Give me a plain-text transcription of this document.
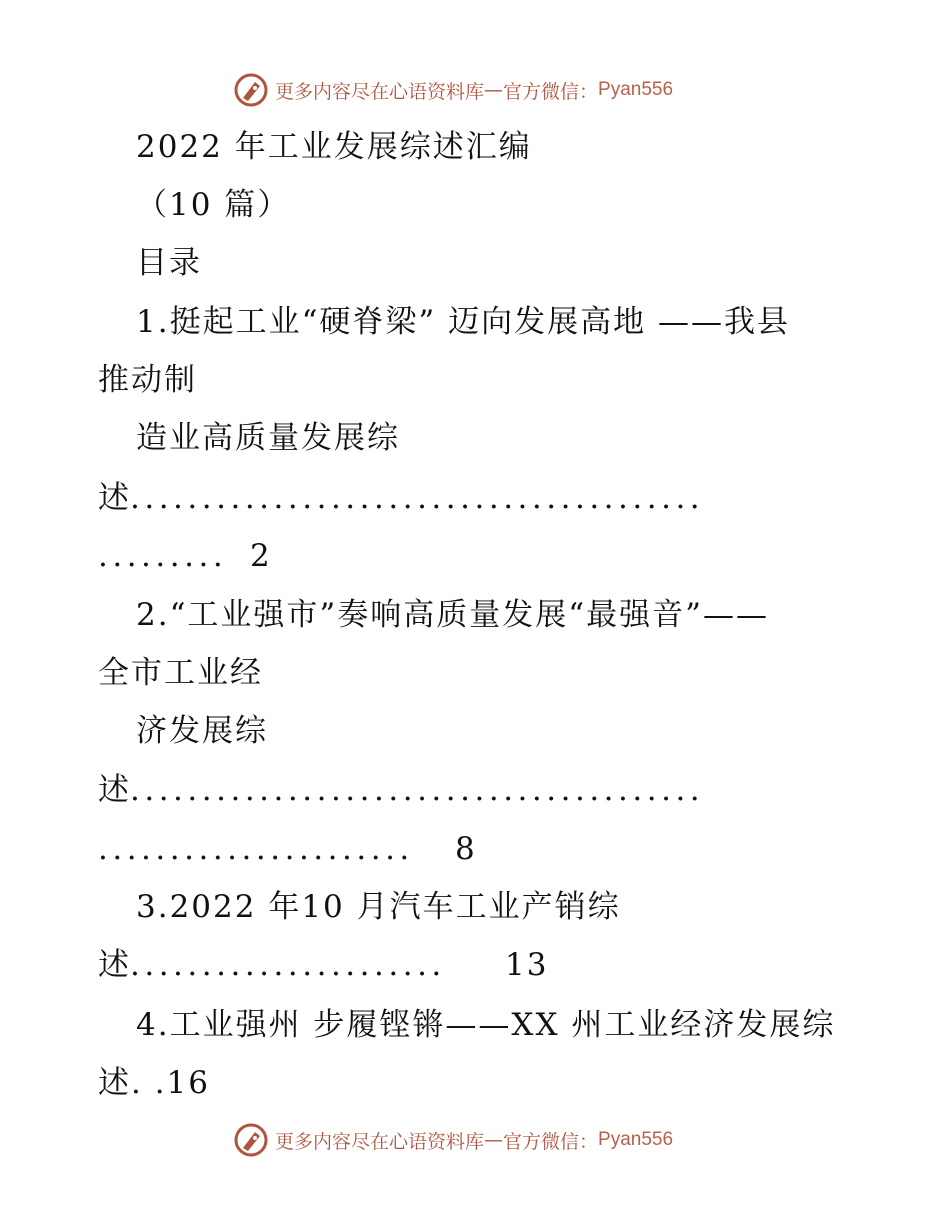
更多内容尽在心语资料库 — 官方微信： Pyan556
2022 年工业发展综述汇编
（10 篇）
目录
1.挺起工业“硬脊梁” 迈向发展高地 ——我县
推动制
造业高质量发展综
述 ........................................
......... 2
2.“工业强市”奏响高质量发展“最强音”——
全市工业经
济发展综
述 ........................................
...................... 8
3.2022 年10 月汽车工业产销综
述 ...................... 13
4.工业强州 步履铿锵——XX 州工业经济发展综
述. .16
更多内容尽在心语资料库 — 官方微信： Pyan556
